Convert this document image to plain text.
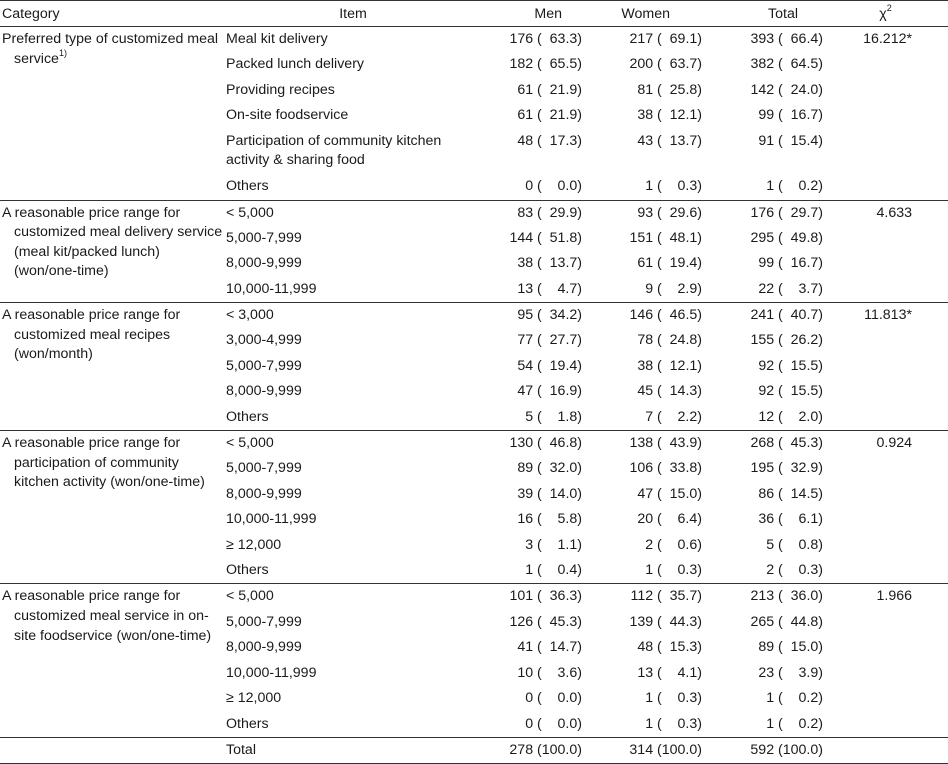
Category	Item	Men	Women	Total	$\chi^2$

Preferred type of customized meal service$^{1)}$	Meal kit delivery	176 (  63.3)	217 (  69.1)	393 (  66.4)	16.212*
	Packed lunch delivery	182 (  65.5)	200 (  63.7)	382 (  64.5)	
	Providing recipes	61 (  21.9)	81 (  25.8)	142 (  24.0)	
	On-site foodservice	61 (  21.9)	38 (  12.1)	99 (  16.7)	
	Participation of community kitchen activity & sharing food	48 (  17.3)	43 (  13.7)	91 (  15.4)	
	Others	0 (    0.0)	1 (    0.3)	1 (    0.2)	

A reasonable price range for customized meal delivery service (meal kit/packed lunch) (won/one-time)	< 5,000	83 (  29.9)	93 (  29.6)	176 (  29.7)	4.633
	5,000-7,999	144 (  51.8)	151 (  48.1)	295 (  49.8)	
	8,000-9,999	38 (  13.7)	61 (  19.4)	99 (  16.7)	
	10,000-11,999	13 (    4.7)	9 (    2.9)	22 (    3.7)	

A reasonable price range for customized meal recipes (won/month)	< 3,000	95 (  34.2)	146 (  46.5)	241 (  40.7)	11.813*
	3,000-4,999	77 (  27.7)	78 (  24.8)	155 (  26.2)	
	5,000-7,999	54 (  19.4)	38 (  12.1)	92 (  15.5)	
	8,000-9,999	47 (  16.9)	45 (  14.3)	92 (  15.5)	
	Others	5 (    1.8)	7 (    2.2)	12 (    2.0)	

A reasonable price range for participation of community kitchen activity (won/one-time)	< 5,000	130 (  46.8)	138 (  43.9)	268 (  45.3)	0.924
	5,000-7,999	89 (  32.0)	106 (  33.8)	195 (  32.9)	
	8,000-9,999	39 (  14.0)	47 (  15.0)	86 (  14.5)	
	10,000-11,999	16 (    5.8)	20 (    6.4)	36 (    6.1)	
	≥ 12,000	3 (    1.1)	2 (    0.6)	5 (    0.8)	
	Others	1 (    0.4)	1 (    0.3)	2 (    0.3)	

A reasonable price range for customized meal service in on-site foodservice (won/one-time)	< 5,000	101 (  36.3)	112 (  35.7)	213 (  36.0)	1.966
	5,000-7,999	126 (  45.3)	139 (  44.3)	265 (  44.8)	
	8,000-9,999	41 (  14.7)	48 (  15.3)	89 (  15.0)	
	10,000-11,999	10 (    3.6)	13 (    4.1)	23 (    3.9)	
	≥ 12,000	0 (    0.0)	1 (    0.3)	1 (    0.2)	
	Others	0 (    0.0)	1 (    0.3)	1 (    0.2)	
	Total	278 (100.0)	314 (100.0)	592 (100.0)	
